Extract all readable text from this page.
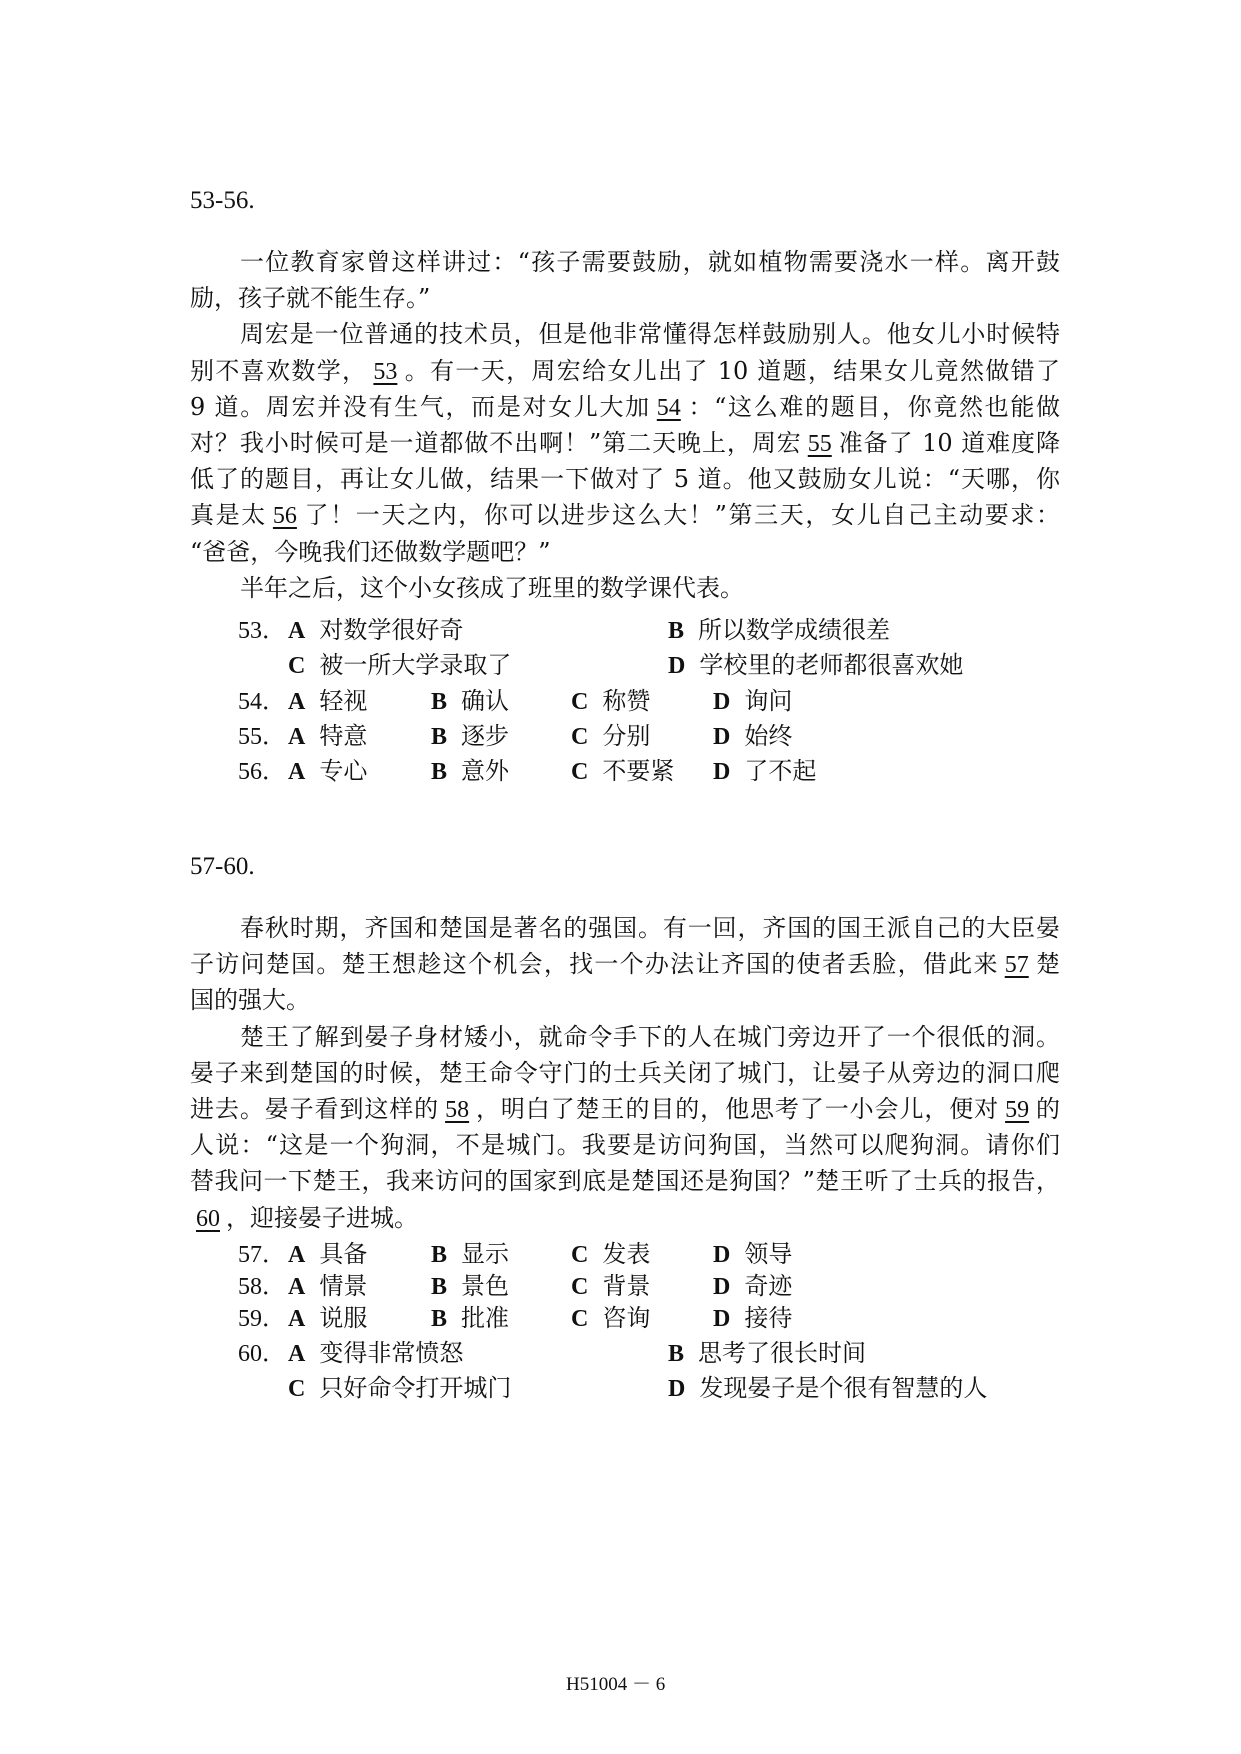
53-56.
一位教育家曾这样讲过：“孩子需要鼓励，就如植物需要浇水一样。离开鼓
励，孩子就不能生存。”
周宏是一位普通的技术员，但是他非常懂得怎样鼓励别人。他女儿小时候特
别不喜欢数学， 53 。有一天，周宏给女儿出了 10 道题，结果女儿竟然做错了
9 道。周宏并没有生气，而是对女儿大加 54 ：“这么难的题目，你竟然也能做
对？我小时候可是一道都做不出啊！”第二天晚上，周宏 55 准备了 10 道难度降
低了的题目，再让女儿做，结果一下做对了 5 道。他又鼓励女儿说：“天哪，你
真是太 56 了！一天之内，你可以进步这么大！”第三天，女儿自己主动要求：
“爸爸，今晚我们还做数学题吧？”
半年之后，这个小女孩成了班里的数学课代表。
53． A 对数学很好奇	B 所以数学成绩很差
C 被一所大学录取了	D 学校里的老师都很喜欢她
54． A 轻视	B 确认	C 称赞	D 询问
55． A 特意	B 逐步	C 分别	D 始终
56． A 专心	B 意外	C 不要紧 D 了不起
57-60.
春秋时期，齐国和楚国是著名的强国。有一回，齐国的国王派自己的大臣晏
子访问楚国。楚王想趁这个机会，找一个办法让齐国的使者丢脸，借此来 57 楚
国的强大。
楚王了解到晏子身材矮小，就命令手下的人在城门旁边开了一个很低的洞。
晏子来到楚国的时候，楚王命令守门的士兵关闭了城门，让晏子从旁边的洞口爬
进去。晏子看到这样的 58 ，明白了楚王的目的，他思考了一小会儿，便对 59 的
人说：“这是一个狗洞，不是城门。我要是访问狗国，当然可以爬狗洞。请你们
替我问一下楚王，我来访问的国家到底是楚国还是狗国？”楚王听了士兵的报告，
60 ，迎接晏子进城。
57． A 具备	B 显示	C 发表	D 领导
58． A 情景	B 景色	C 背景	D 奇迹
59． A 说服	B 批准	C 咨询	D 接待
60． A 变得非常愤怒	B 思考了很长时间
C 只好命令打开城门	D 发现晏子是个很有智慧的人
H51004 － 6
